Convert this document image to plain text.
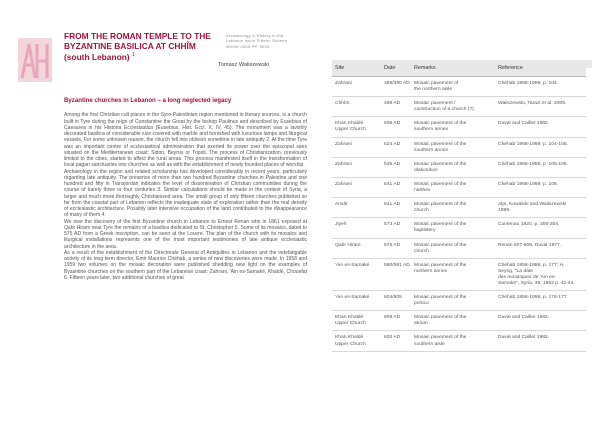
FROM THE ROMAN TEMPLE TO THE
BYZANTINE BASILICA AT CHHÎM
(south Lebanon) $^1$
Archaeology & History in the
Lebanon Issue Fifteen Sixteen
Winter 2006 PP. 0000
Tomasz Waliszewski
Byzantine churches in Lebanon – a long neglected legacy

Among the first Christian cult places in the Syro-Palestinian region mentioned in literary sources, is a church built in Tyre during the reign of Constantine the Great by the bishop Paulinus and described by Eusebius of Caesarea in his Historia Ecclesiastica (Eusebius, Hist. Eccl. X, IV, 45). The monument was a lavishly decorated basilica of considerable size covered with marble and furnished with luxurious lamps and liturgical vessels. For some unknown reason, the church fell into oblivion sometime in late antiquity 2. At the time Tyre was an important centre of ecclesiastical administration that exerted its power over the episcopal sees situated on the Mediterranean coast: Sidon, Beyrus or Tripoli. The process of Christianization, previously limited to the cities, started to affect the rural areas. This process manifested itself in the transformation of local pagan sanctuaries into churches as well as with the establishment of newly founded places of worship.

Archaeology in the region and related scholarship has developed considerably in recent years, particularly regarding late antiquity. The presence of more than two hundred Byzantine churches in Palestine and one hundred and fifty in Transjordan indicates the level of dissemination of Christian communities during the course of barely three or four centuries 3. Similar calculations should be made in the context of Syria, a larger and much more thoroughly Christianized area. The small group of only fifteen churches published so far from the coastal part of Lebanon reflects the inadequate state of exploration rather than the real density of ecclesiastic architecture. Possibly later intensive occupation of the land contributed to the disappearance of many of them 4.

We owe the discovery of the first Byzantine church in Lebanon to Ernest Renan who in 1861 exposed at Qabr Hiram near Tyre the remains of a basilica dedicated to St. Christopher 5. Some of its mosaics, dated to 575 AD from a Greek inscription, can be seen at the Louvre. The plan of the church with its mosaics and liturgical installations represents one of the most important testimonies of late antique ecclesiastic architecture in the area.

As a result of the establishment of the Directorate General of Antiquities in Lebanon and the indefatigable activity of its long term director, Emir Maurice Chéhab, a series of new discoveries were made. In 1958 and 1959 two volumes on the mosaic decoration were published shedding new light on the examples of Byzantine churches on the southern part of the Lebanese coast: Zahrani, 'Ain es-Samaké, Khaldé, Chouefat 6. Fifteen years later, two additional churches of great

Site	Date	Remarks	Reference
Zahrani	389/390 AD Mosaic pavement of
the northern aisle
Chéhab 1958-1959, p. 104.
Chhîm	498 AD	Mosaic pavement /
construction of a church (?)
Waliszewski, Tarazi et al. 2009.
Khan Khaldé
Upper Church
506 AD	Mosaic pavement of the
southern annex
Duval and Caillet 1982.
Zahrani	524 AD	Mosaic pavement of the
southern annex
Chéhab 1958-1959, p. 104-105.
Zahrani	535 AD	Mosaic pavement of the
diakonikon
Chéhab 1958-1959, p. 105-106.
Zahrani	541 AD	Mosaic pavement of the
narthex
Chéhab 1958-1959, p. 106.
Ansâr	541 AD	Mosaic pavement of the
church
Alpi, Kowalski and Waliszewski
1999.
Jiyeh	573 AD	Mosaic pavement of the
baptistery
Contenau 1920, p. 300-304.
Qabr Hiram	575 AD	Mosaic pavement of the
church
Renan 607-608, Duval 1977.
'Ain es-Samaké	580/581 AD Mosaic pavement of the
northern annex
Chéhab 1958-1959, p. 177; H.
Seyrig, "La date
des mosaïques de 'Ain es-
Samaké", Syria, 39, 1962 p. 42-44.
'Ain es-Samaké	604/605	Mosaic pavement of the
portico
Chéhab 1958-1959, p. 176-177.
Khan Khaldé
Upper Church
608 AD	Mosaic pavement of the
atrium
Duval and Caillet 1982.
Khan Khaldé
Upper Church
602 AD	Mosaic pavement of the
southern aisle
Duval and Caillet 1982.
